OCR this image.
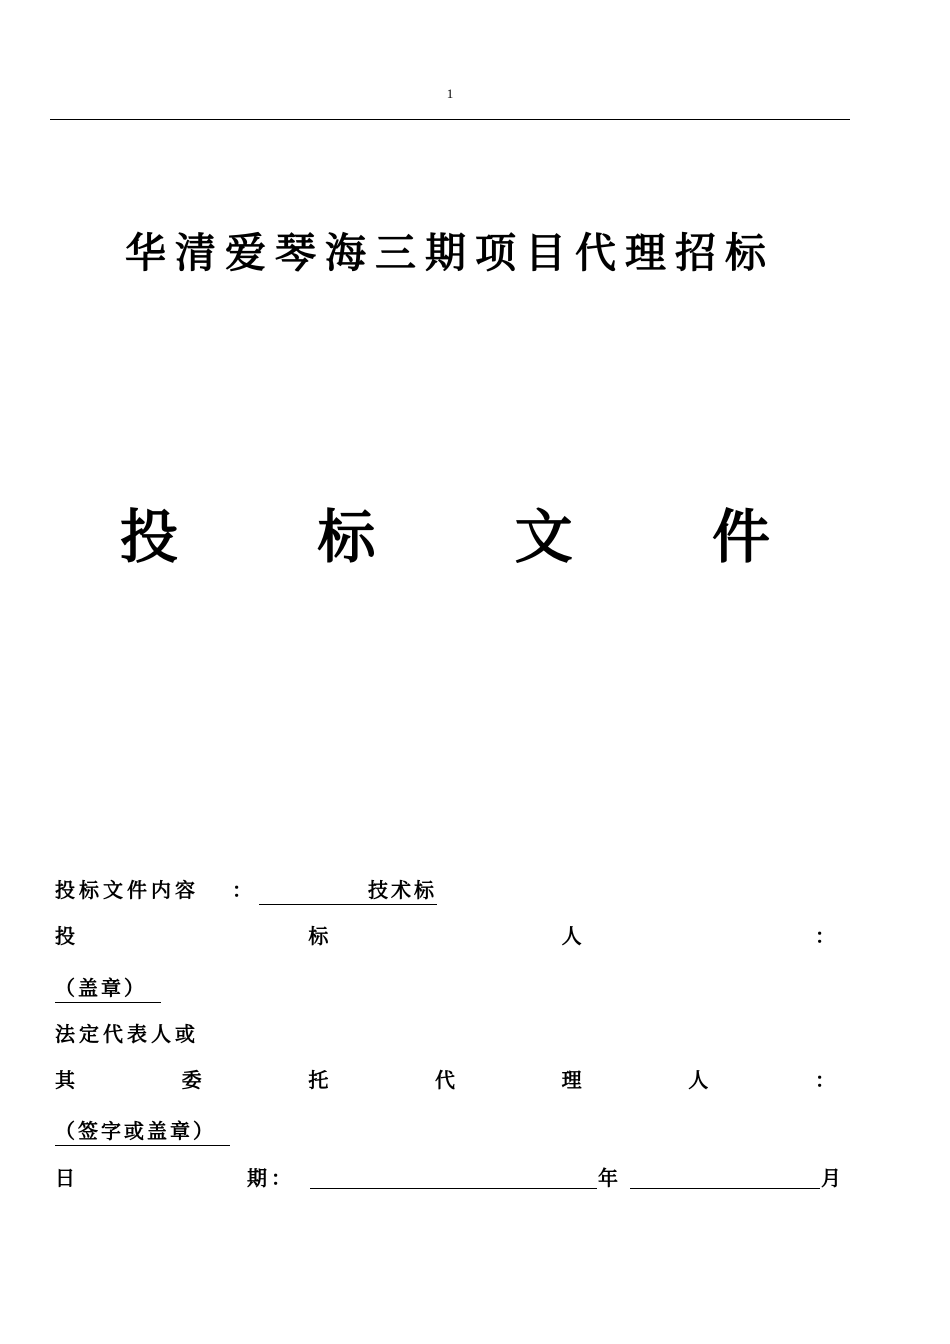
1
华清爱琴海三期项目代理招标
投 标 文 件
投标文件内容 ：	技术标
投	标	人	：
（盖章）
法定代表人或
其	委	托	代	理	人	：
（签字或盖章）
日	期：	年	月
